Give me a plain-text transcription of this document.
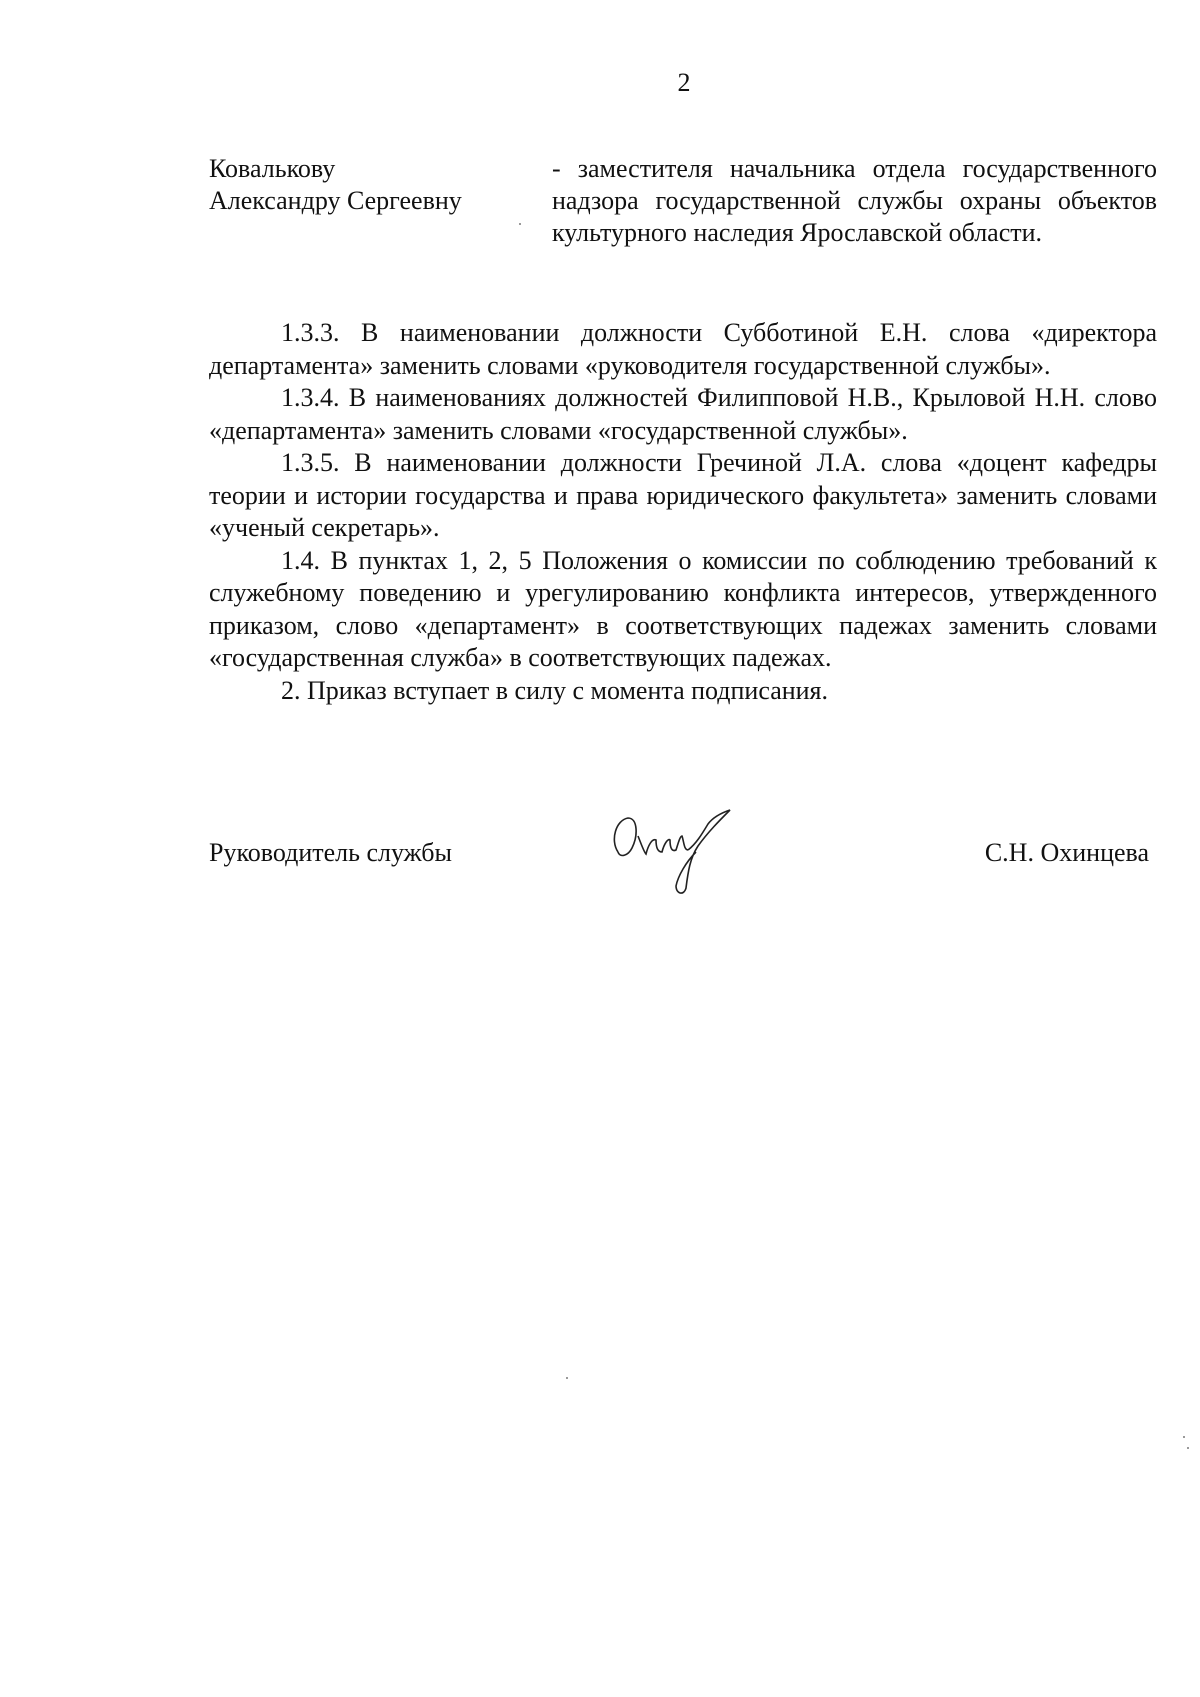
2
Ковалькову
Александру Сергеевну
- заместителя начальника отдела государственного надзора государственной службы охраны объектов культурного наследия Ярославской области.

1.3.3. В наименовании должности Субботиной Е.Н. слова «директора департамента» заменить словами «руководителя государственной службы».

1.3.4. В наименованиях должностей Филипповой Н.В., Крыловой Н.Н. слово «департамента» заменить словами «государственной службы».

1.3.5. В наименовании должности Гречиной Л.А. слова «доцент кафедры теории и истории государства и права юридического факультета» заменить словами «ученый секретарь».

1.4. В пунктах 1, 2, 5 Положения о комиссии по соблюдению требований к служебному поведению и урегулированию конфликта интересов, утвержденного приказом, слово «департамент» в соответствующих падежах заменить словами «государственная служба» в соответствующих падежах.

2. Приказ вступает в силу с момента подписания.

Руководитель службы	С.Н. Охинцева
